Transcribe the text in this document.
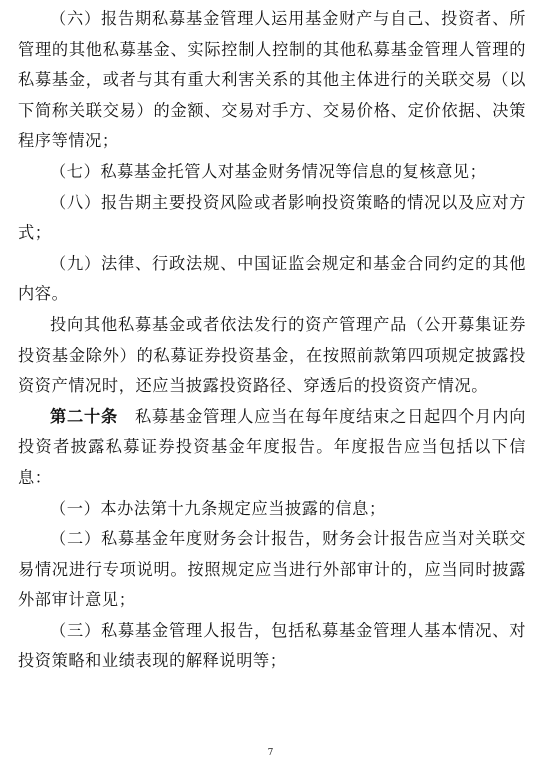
（六）报告期私募基金管理人运用基金财产与自己、投资者、所管理的其他私募基金、实际控制人控制的其他私募基金管理人管理的私募基金，或者与其有重大利害关系的其他主体进行的关联交易（以下简称关联交易）的金额、交易对手方、交易价格、定价依据、决策程序等情况；

（七）私募基金托管人对基金财务情况等信息的复核意见；

（八）报告期主要投资风险或者影响投资策略的情况以及应对方式；

（九）法律、行政法规、中国证监会规定和基金合同约定的其他内容。

投向其他私募基金或者依法发行的资产管理产品（公开募集证券投资基金除外）的私募证券投资基金，在按照前款第四项规定披露投资资产情况时，还应当披露投资路径、穿透后的投资资产情况。

第二十条　 私募基金管理人应当在每年度结束之日起四个月内向投资者披露私募证券投资基金年度报告。年度报告应当包括以下信息：

（一）本办法第十九条规定应当披露的信息；

（二）私募基金年度财务会计报告，财务会计报告应当对关联交易情况进行专项说明。按照规定应当进行外部审计的，应当同时披露外部审计意见；

（三）私募基金管理人报告，包括私募基金管理人基本情况、对投资策略和业绩表现的解释说明等；

7
